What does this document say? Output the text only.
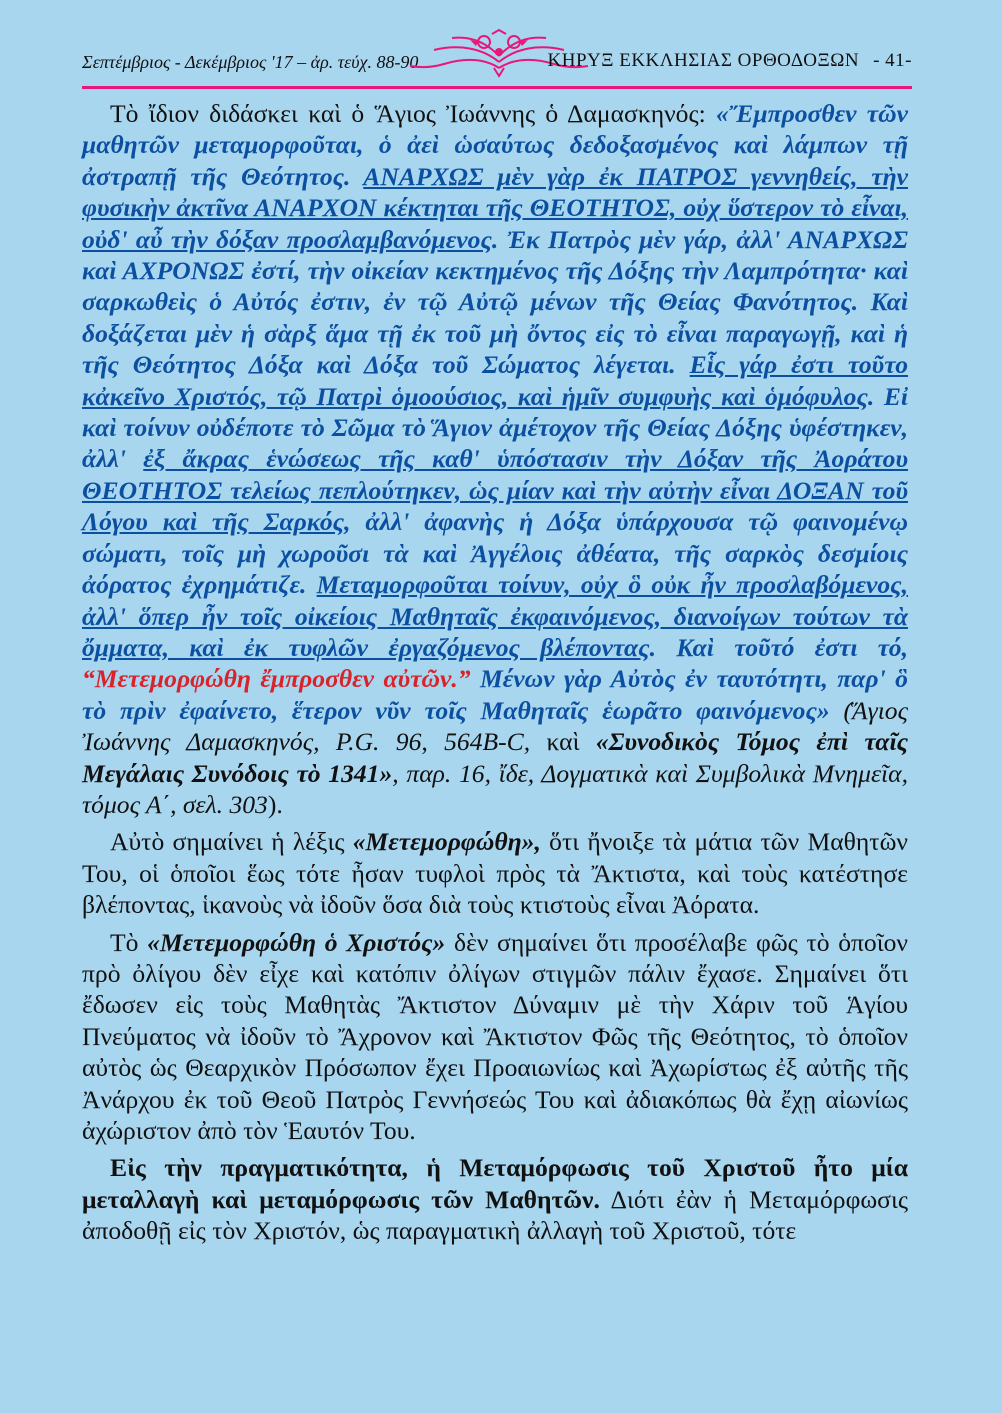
Σεπτέμβριος - Δεκέμβριος '17 – ἀρ. τεύχ. 88-90	ΚΗΡΥΞ ΕΚΚΛΗΣΙΑΣ ΟΡΘΟΔΟΞΩΝ - 41-

Τὸ ἴδιον διδάσκει καὶ ὁ Ἅγιος Ἰωάννης ὁ Δαμασκηνός: «Ἔμπροσθεν τῶν μαθητῶν μεταμορφοῦται, ὁ ἀεὶ ὡσαύτως δεδοξασμένος καὶ λάμπων τῇ ἀστραπῇ τῆς Θεότητος. ΑΝΑΡΧΩΣ μὲν γὰρ ἐκ ΠΑΤΡΟΣ γεννηθείς, τὴν φυσικὴν ἀκτῖνα ΑΝΑΡΧΟΝ κέκτηται τῆς ΘΕΟΤΗΤΟΣ, οὐχ ὕστερον τὸ εἶναι, οὐδ' αὖ τὴν δόξαν προσλαμβανόμενος. Ἐκ Πατρὸς μὲν γάρ, ἀλλ' ΑΝΑΡΧΩΣ καὶ ΑΧΡΟΝΩΣ ἐστί, τὴν οἰκείαν κεκτημένος τῆς Δόξης τὴν Λαμπρότητα· καὶ σαρκωθεὶς ὁ Αὐτός ἐστιν, ἐν τῷ Αὐτῷ μένων τῆς Θείας Φανότητος. Καὶ δοξάζεται μὲν ἡ σὰρξ ἅμα τῇ ἐκ τοῦ μὴ ὄντος εἰς τὸ εἶναι παραγωγῇ, καὶ ἡ τῆς Θεότητος Δόξα καὶ Δόξα τοῦ Σώματος λέγεται. Εἷς γάρ ἐστι τοῦτο κἀκεῖνο Χριστός, τῷ Πατρὶ ὁμοούσιος, καὶ ἡμῖν συμφυὴς καὶ ὁμόφυλος. Εἰ καὶ τοίνυν οὐδέποτε τὸ Σῶμα τὸ Ἅγιον ἀμέτοχον τῆς Θείας Δόξης ὑφέστηκεν, ἀλλ' ἐξ ἄκρας ἑνώσεως τῆς καθ' ὑπόστασιν τὴν Δόξαν τῆς Ἀοράτου ΘΕΟΤΗΤΟΣ τελείως πεπλούτηκεν, ὡς μίαν καὶ τὴν αὐτὴν εἶναι ΔΟΞΑΝ τοῦ Λόγου καὶ τῆς Σαρκός, ἀλλ' ἀφανὴς ἡ Δόξα ὑπάρχουσα τῷ φαινομένῳ σώματι, τοῖς μὴ χωροῦσι τὰ καὶ Ἀγγέλοις ἀθέατα, τῆς σαρκὸς δεσμίοις ἀόρατος ἐχρημάτιζε. Μεταμορφοῦται τοίνυν, οὐχ ὃ οὐκ ἦν προσλαβόμενος, ἀλλ' ὅπερ ἦν τοῖς οἰκείοις Μαθηταῖς ἐκφαινόμενος, διανοίγων τούτων τὰ ὄμματα, καὶ ἐκ τυφλῶν ἐργαζόμενος βλέποντας. Καὶ τοῦτό ἐστι τό, “Μετεμορφώθη ἔμπροσθεν αὐτῶν.” Μένων γὰρ Αὐτὸς ἐν ταυτότητι, παρ' ὃ τὸ πρὶν ἐφαίνετο, ἕτερον νῦν τοῖς Μαθηταῖς ἑωρᾶτο φαινόμενος» (Ἅγιος Ἰωάννης Δαμασκηνός, P.G. 96, 564B-C, καὶ «Συνοδικὸς Τόμος ἐπὶ ταῖς Μεγάλαις Συνόδοις τὸ 1341», παρ. 16, ἴδε, Δογματικὰ καὶ Συμβολικὰ Μνημεῖα, τόμος Α΄, σελ. 303).

Αὐτὸ σημαίνει ἡ λέξις «Μετεμορφώθη», ὅτι ἤνοιξε τὰ μάτια τῶν Μαθητῶν Του, οἱ ὁποῖοι ἕως τότε ἦσαν τυφλοὶ πρὸς τὰ Ἄκτιστα, καὶ τοὺς κατέστησε βλέποντας, ἱκανοὺς νὰ ἰδοῦν ὅσα διὰ τοὺς κτιστοὺς εἶναι Ἀόρατα.

Τὸ «Μετεμορφώθη ὁ Χριστός» δὲν σημαίνει ὅτι προσέλαβε φῶς τὸ ὁποῖον πρὸ ὀλίγου δὲν εἶχε καὶ κατόπιν ὀλίγων στιγμῶν πάλιν ἔχασε. Σημαίνει ὅτι ἔδωσεν εἰς τοὺς Μαθητὰς Ἄκτιστον Δύναμιν μὲ τὴν Χάριν τοῦ Ἁγίου Πνεύματος νὰ ἰδοῦν τὸ Ἄχρονον καὶ Ἄκτιστον Φῶς τῆς Θεότητος, τὸ ὁποῖον αὐτὸς ὡς Θεαρχικὸν Πρόσωπον ἔχει Προαιωνίως καὶ Ἀχωρίστως ἐξ αὐτῆς τῆς Ἀνάρχου ἐκ τοῦ Θεοῦ Πατρὸς Γεννήσεώς Του καὶ ἀδιακόπως θὰ ἔχῃ αἰωνίως ἀχώριστον ἀπὸ τὸν Ἑαυτόν Του.

Εἰς τὴν πραγματικότητα, ἡ Μεταμόρφωσις τοῦ Χριστοῦ ἦτο μία μεταλλαγὴ καὶ μεταμόρφωσις τῶν Μαθητῶν. Διότι ἐὰν ἡ Μεταμόρφωσις ἀποδοθῇ εἰς τὸν Χριστόν, ὡς παραγματικὴ ἀλλαγὴ τοῦ Χριστοῦ, τότε
